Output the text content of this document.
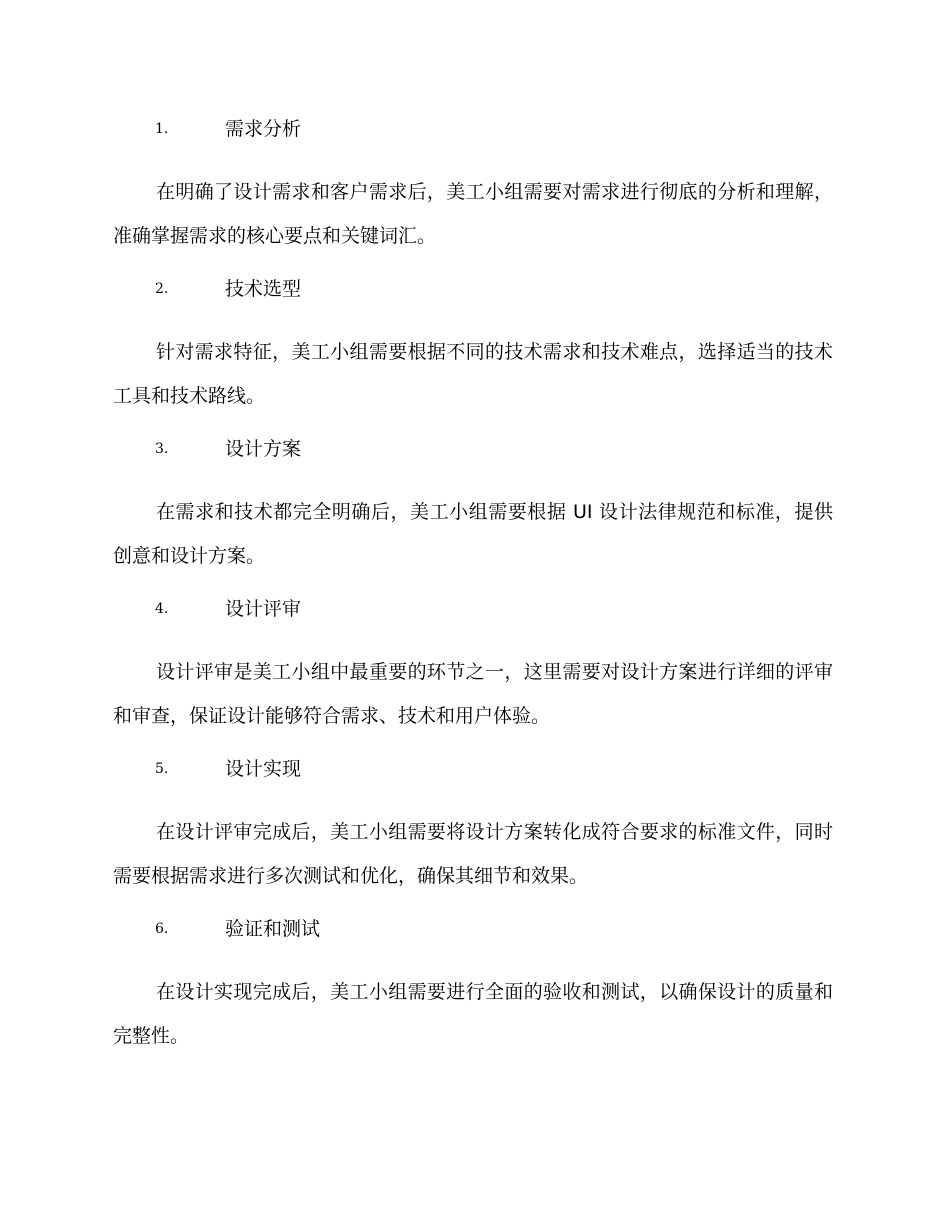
1.	需求分析
在明确了设计需求和客户需求后，美工小组需要对需求进行彻底的分析和理解，准确掌握需求的核心要点和关键词汇。
2.	技术选型
针对需求特征，美工小组需要根据不同的技术需求和技术难点，选择适当的技术工具和技术路线。
3.	设计方案
在需求和技术都完全明确后，美工小组需要根据 UI 设计法律规范和标准，提供创意和设计方案。
4.	设计评审
设计评审是美工小组中最重要的环节之一，这里需要对设计方案进行详细的评审和审查，保证设计能够符合需求、技术和用户体验。
5.	设计实现
在设计评审完成后，美工小组需要将设计方案转化成符合要求的标准文件，同时需要根据需求进行多次测试和优化，确保其细节和效果。
6.	验证和测试
在设计实现完成后，美工小组需要进行全面的验收和测试，以确保设计的质量和完整性。
